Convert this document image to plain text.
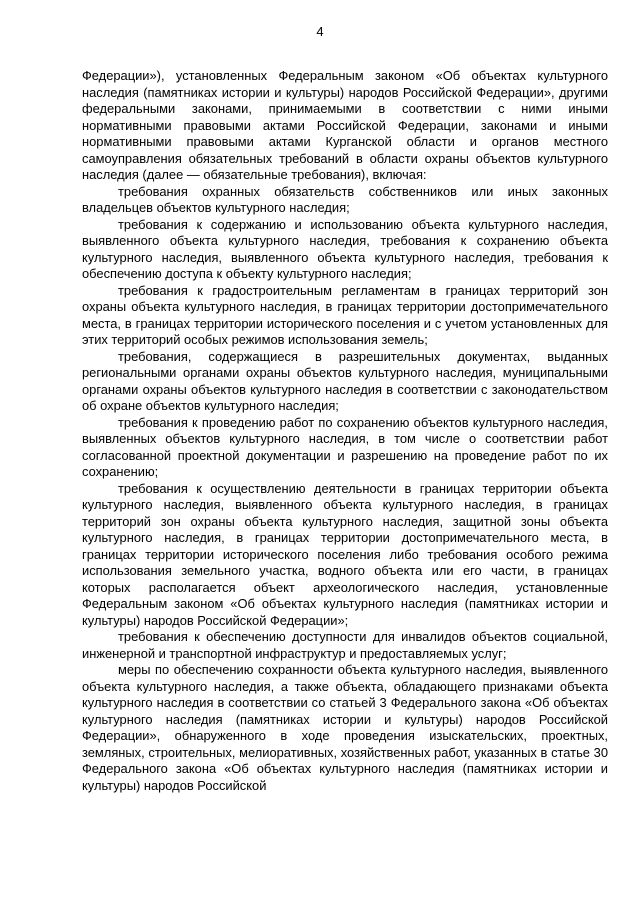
4

Федерации»), установленных Федеральным законом «Об объектах культурного наследия (памятниках истории и культуры) народов Российской Федерации», другими федеральными законами, принимаемыми в соответствии с ними иными нормативными правовыми актами Российской Федерации, законами и иными нормативными правовыми актами Курганской области и органов местного самоуправления обязательных требований в области охраны объектов культурного наследия (далее — обязательные требования), включая:

требования охранных обязательств собственников или иных законных владельцев объектов культурного наследия;

требования к содержанию и использованию объекта культурного наследия, выявленного объекта культурного наследия, требования к сохранению объекта культурного наследия, выявленного объекта культурного наследия, требования к обеспечению доступа к объекту культурного наследия;

требования к градостроительным регламентам в границах территорий зон охраны объекта культурного наследия, в границах территории достопримечательного места, в границах территории исторического поселения и с учетом установленных для этих территорий особых режимов использования земель;

требования, содержащиеся в разрешительных документах, выданных региональными органами охраны объектов культурного наследия, муниципальными органами охраны объектов культурного наследия в соответствии с законодательством об охране объектов культурного наследия;

требования к проведению работ по сохранению объектов культурного наследия, выявленных объектов культурного наследия, в том числе о соответствии работ согласованной проектной документации и разрешению на проведение работ по их сохранению;

требования к осуществлению деятельности в границах территории объекта культурного наследия, выявленного объекта культурного наследия, в границах территорий зон охраны объекта культурного наследия, защитной зоны объекта культурного наследия, в границах территории достопримечательного места, в границах территории исторического поселения либо требования особого режима использования земельного участка, водного объекта или его части, в границах которых располагается объект археологического наследия, установленные Федеральным законом «Об объектах культурного наследия (памятниках истории и культуры) народов Российской Федерации»;

требования к обеспечению доступности для инвалидов объектов социальной, инженерной и транспортной инфраструктур и предоставляемых услуг;

меры по обеспечению сохранности объекта культурного наследия, выявленного объекта культурного наследия, а также объекта, обладающего признаками объекта культурного наследия в соответствии со статьей 3 Федерального закона «Об объектах культурного наследия (памятниках истории и культуры) народов Российской Федерации», обнаруженного в ходе проведения изыскательских, проектных, земляных, строительных, мелиоративных, хозяйственных работ, указанных в статье 30 Федерального закона «Об объектах культурного наследия (памятниках истории и культуры) народов Российской
